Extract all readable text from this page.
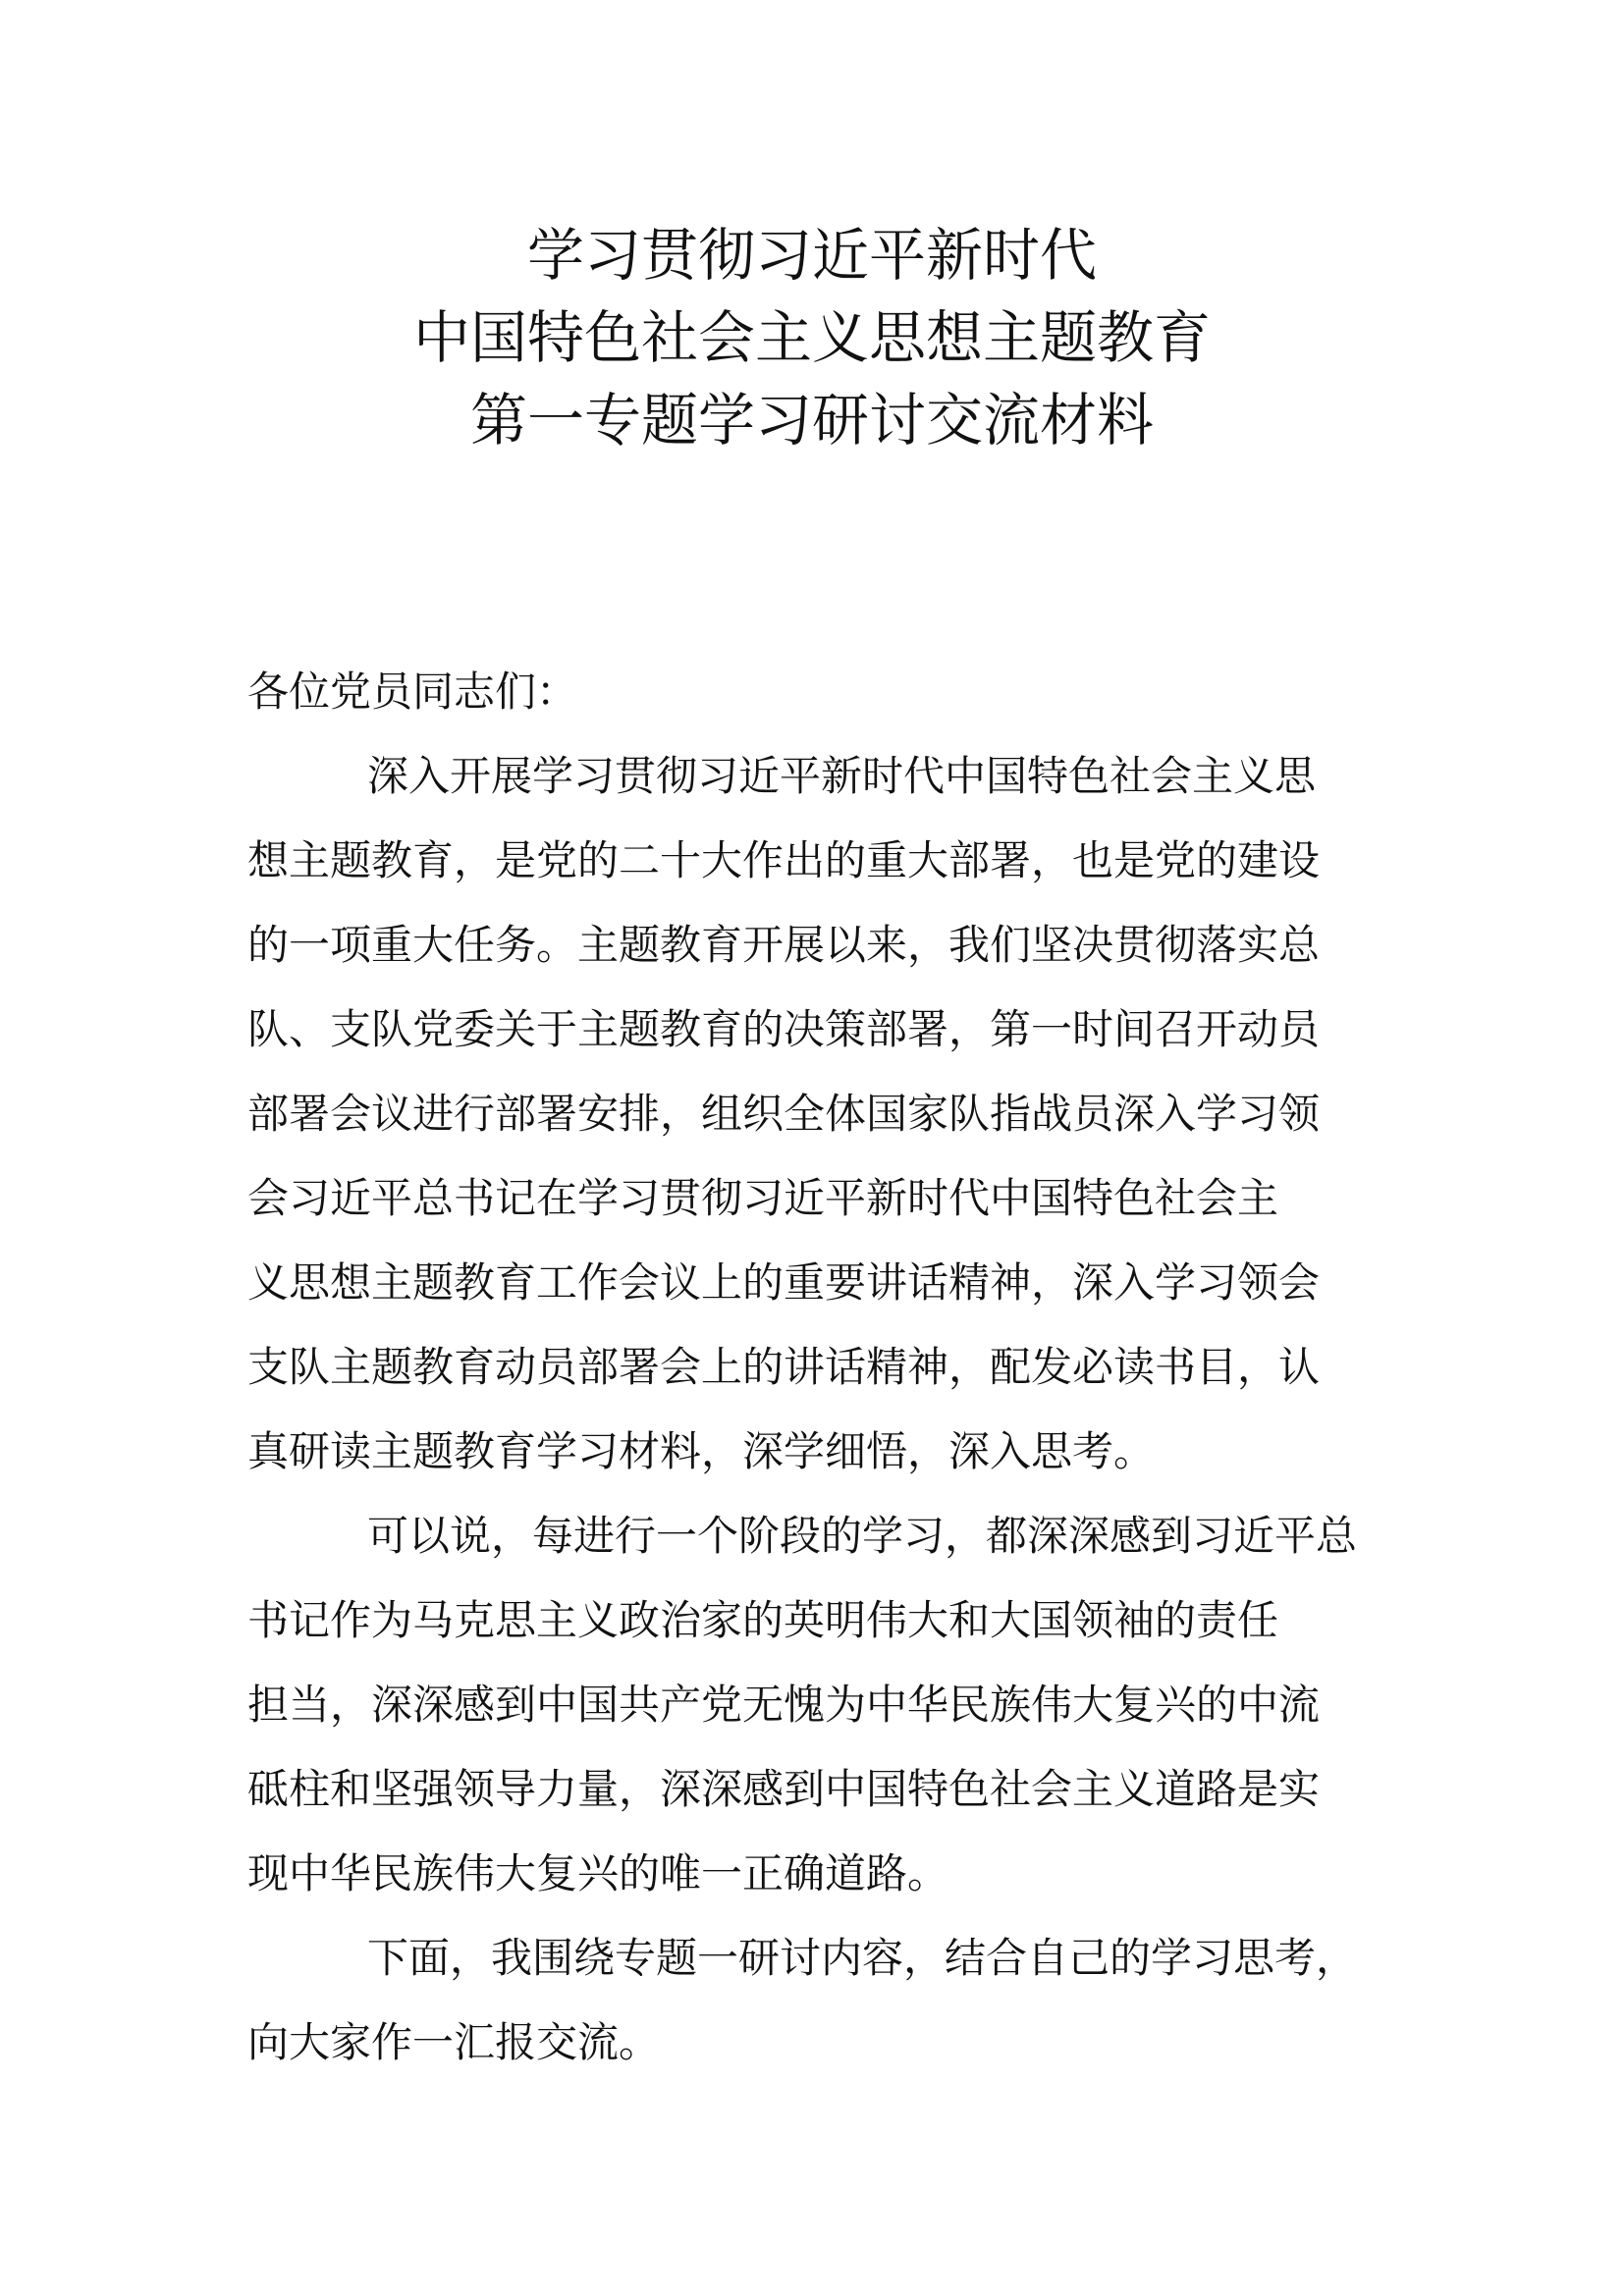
学习贯彻习近平新时代
中国特色社会主义思想主题教育
第一专题学习研讨交流材料
各位党员同志们：
深入开展学习贯彻习近平新时代中国特色社会主义思
想主题教育，是党的二十大作出的重大部署，也是党的建设
的一项重大任务。主题教育开展以来，我们坚决贯彻落实总
队、支队党委关于主题教育的决策部署，第一时间召开动员
部署会议进行部署安排，组织全体国家队指战员深入学习领
会习近平总书记在学习贯彻习近平新时代中国特色社会主
义思想主题教育工作会议上的重要讲话精神，深入学习领会
支队主题教育动员部署会上的讲话精神，配发必读书目，认
真研读主题教育学习材料，深学细悟，深入思考。
可以说，每进行一个阶段的学习，都深深感到习近平总
书记作为马克思主义政治家的英明伟大和大国领袖的责任
担当，深深感到中国共产党无愧为中华民族伟大复兴的中流
砥柱和坚强领导力量，深深感到中国特色社会主义道路是实
现中华民族伟大复兴的唯一正确道路。
下面，我围绕专题一研讨内容，结合自己的学习思考，
向大家作一汇报交流。
